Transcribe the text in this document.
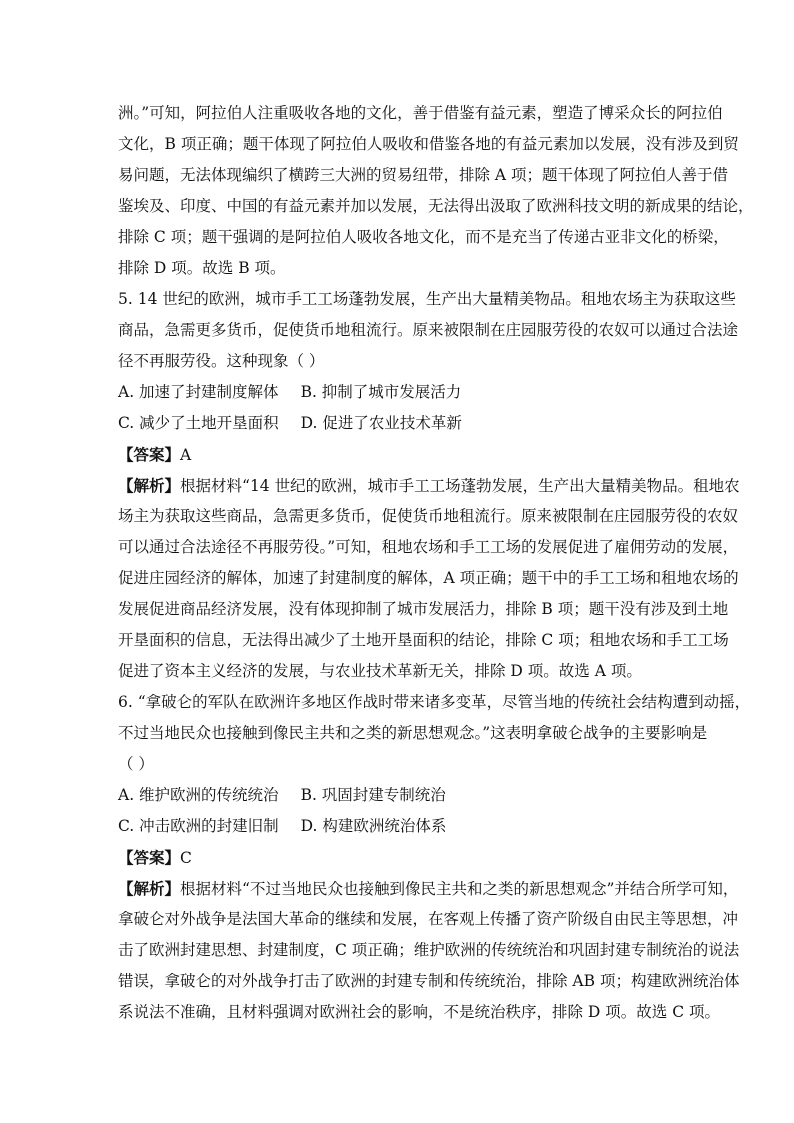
洲。”可知，阿拉伯人注重吸收各地的文化，善于借鉴有益元素，塑造了博采众长的阿拉伯
文化，B 项正确；题干体现了阿拉伯人吸收和借鉴各地的有益元素加以发展，没有涉及到贸
易问题，无法体现编织了横跨三大洲的贸易纽带，排除 A 项；题干体现了阿拉伯人善于借
鉴埃及、印度、中国的有益元素并加以发展，无法得出汲取了欧洲科技文明的新成果的结论，
排除 C 项；题干强调的是阿拉伯人吸收各地文化，而不是充当了传递古亚非文化的桥梁，
排除 D 项。故选 B 项。
5. 14 世纪的欧洲，城市手工工场蓬勃发展，生产出大量精美物品。租地农场主为获取这些
商品，急需更多货币，促使货币地租流行。原来被限制在庄园服劳役的农奴可以通过合法途
径不再服劳役。这种现象（ ）
A. 加速了封建制度解体 B. 抑制了城市发展活力
C. 减少了土地开垦面积 D. 促进了农业技术革新
【答案】A
【解析】根据材料“14 世纪的欧洲，城市手工工场蓬勃发展，生产出大量精美物品。租地农
场主为获取这些商品，急需更多货币，促使货币地租流行。原来被限制在庄园服劳役的农奴
可以通过合法途径不再服劳役。”可知，租地农场和手工工场的发展促进了雇佣劳动的发展，
促进庄园经济的解体，加速了封建制度的解体，A 项正确；题干中的手工工场和租地农场的
发展促进商品经济发展，没有体现抑制了城市发展活力，排除 B 项；题干没有涉及到土地
开垦面积的信息，无法得出减少了土地开垦面积的结论，排除 C 项；租地农场和手工工场
促进了资本主义经济的发展，与农业技术革新无关，排除 D 项。故选 A 项。
6. “拿破仑的军队在欧洲许多地区作战时带来诸多变革，尽管当地的传统社会结构遭到动摇，
不过当地民众也接触到像民主共和之类的新思想观念。”这表明拿破仑战争的主要影响是
（ ）
A. 维护欧洲的传统统治 B. 巩固封建专制统治
C. 冲击欧洲的封建旧制 D. 构建欧洲统治体系
【答案】C
【解析】根据材料“不过当地民众也接触到像民主共和之类的新思想观念”并结合所学可知，
拿破仑对外战争是法国大革命的继续和发展，在客观上传播了资产阶级自由民主等思想，冲
击了欧洲封建思想、封建制度，C 项正确；维护欧洲的传统统治和巩固封建专制统治的说法
错误，拿破仑的对外战争打击了欧洲的封建专制和传统统治，排除 AB 项；构建欧洲统治体
系说法不准确，且材料强调对欧洲社会的影响，不是统治秩序，排除 D 项。故选 C 项。
